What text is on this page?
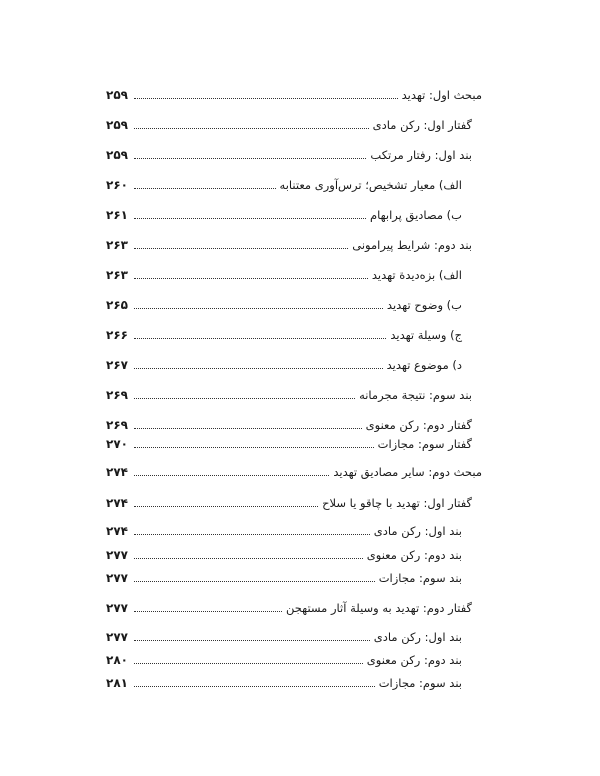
مبحث اول: تهدید
۲۵۹
گفتار اول: رکن مادی
۲۵۹
بند اول: رفتار مرتکب
۲۵۹
الف) معیار تشخیص؛ ترس‌آوری معتنابه
۲۶۰
ب) مصادیق پرابهام
۲۶۱
بند دوم: شرایط پیرامونی
۲۶۳
الف) بزه‌دیدة تهدید
۲۶۳
ب) وضوح تهدید
۲۶۵
ج) وسیلة تهدید
۲۶۶
د) موضوع تهدید
۲۶۷
بند سوم: نتیجة مجرمانه
۲۶۹
گفتار دوم: رکن معنوی
۲۶۹
گفتار سوم: مجازات
۲۷۰
مبحث دوم: سایر مصادیق تهدید
۲۷۴
گفتار اول: تهدید با چاقو یا سلاح
۲۷۴
بند اول: رکن مادی
۲۷۴
بند دوم: رکن معنوی
۲۷۷
بند سوم: مجازات
۲۷۷
گفتار دوم: تهدید به وسیلة آثار مستهجن
۲۷۷
بند اول: رکن مادی
۲۷۷
بند دوم: رکن معنوی
۲۸۰
بند سوم: مجازات
۲۸۱
